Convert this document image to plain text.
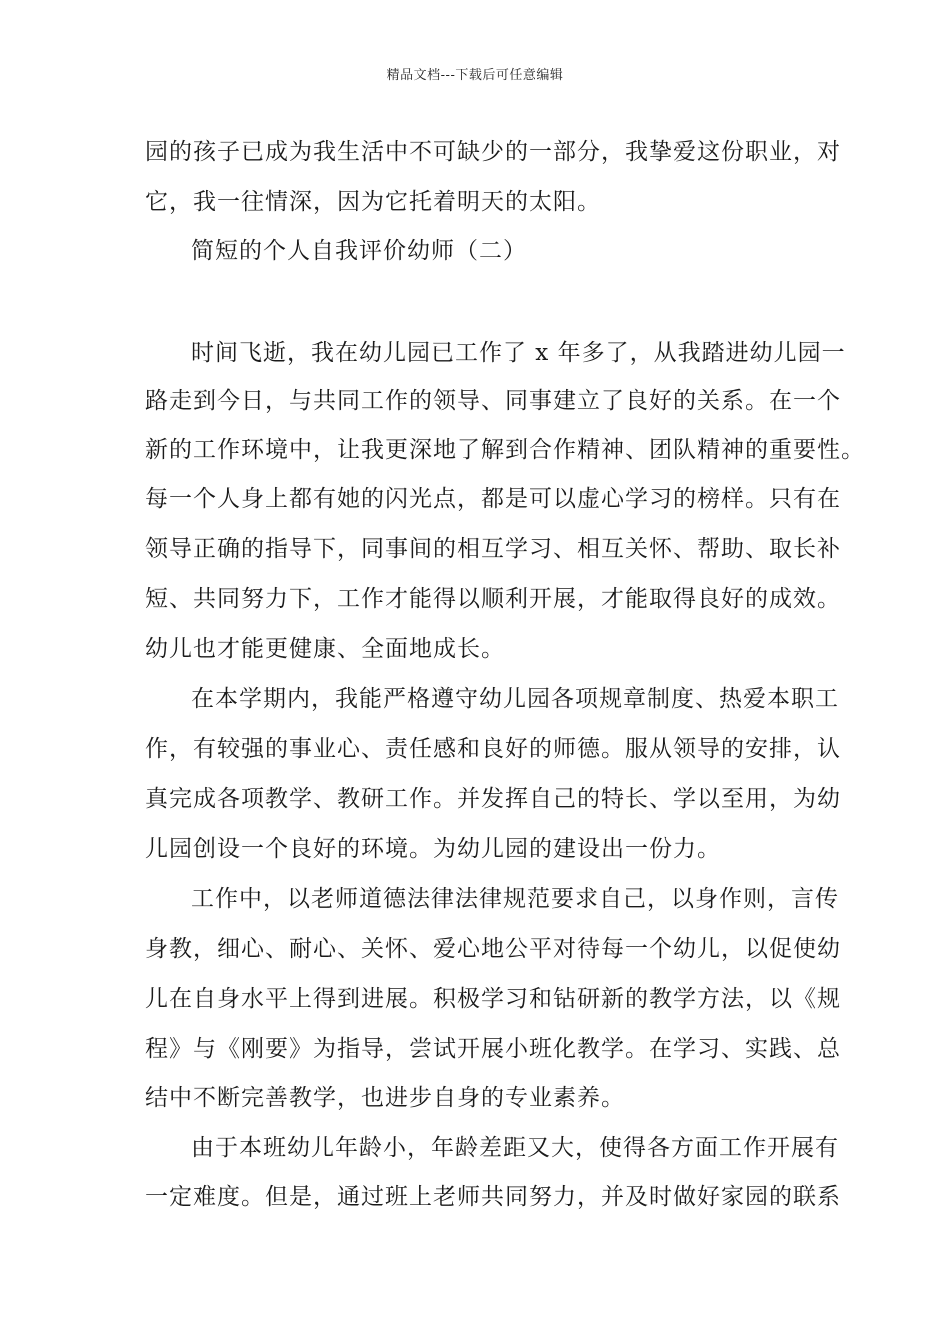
精品文档---下载后可任意编辑
园的孩子已成为我生活中不可缺少的一部分，我挚爱这份职业，对
它，我一往情深，因为它托着明天的太阳。
简短的个人自我评价幼师（二）
时间飞逝，我在幼儿园已工作了 x 年多了，从我踏进幼儿园一
路走到今日，与共同工作的领导、同事建立了良好的关系。在一个
新的工作环境中，让我更深地了解到合作精神、团队精神的重要性。
每一个人身上都有她的闪光点，都是可以虚心学习的榜样。只有在
领导正确的指导下，同事间的相互学习、相互关怀、帮助、取长补
短、共同努力下，工作才能得以顺利开展，才能取得良好的成效。
幼儿也才能更健康、全面地成长。
在本学期内，我能严格遵守幼儿园各项规章制度、热爱本职工
作，有较强的事业心、责任感和良好的师德。服从领导的安排，认
真完成各项教学、教研工作。并发挥自己的特长、学以至用，为幼
儿园创设一个良好的环境。为幼儿园的建设出一份力。
工作中，以老师道德法律法律规范要求自己，以身作则，言传
身教，细心、耐心、关怀、爱心地公平对待每一个幼儿，以促使幼
儿在自身水平上得到进展。积极学习和钻研新的教学方法，以《规
程》与《刚要》为指导，尝试开展小班化教学。在学习、实践、总
结中不断完善教学，也进步自身的专业素养。
由于本班幼儿年龄小，年龄差距又大，使得各方面工作开展有
一定难度。但是，通过班上老师共同努力，并及时做好家园的联系
